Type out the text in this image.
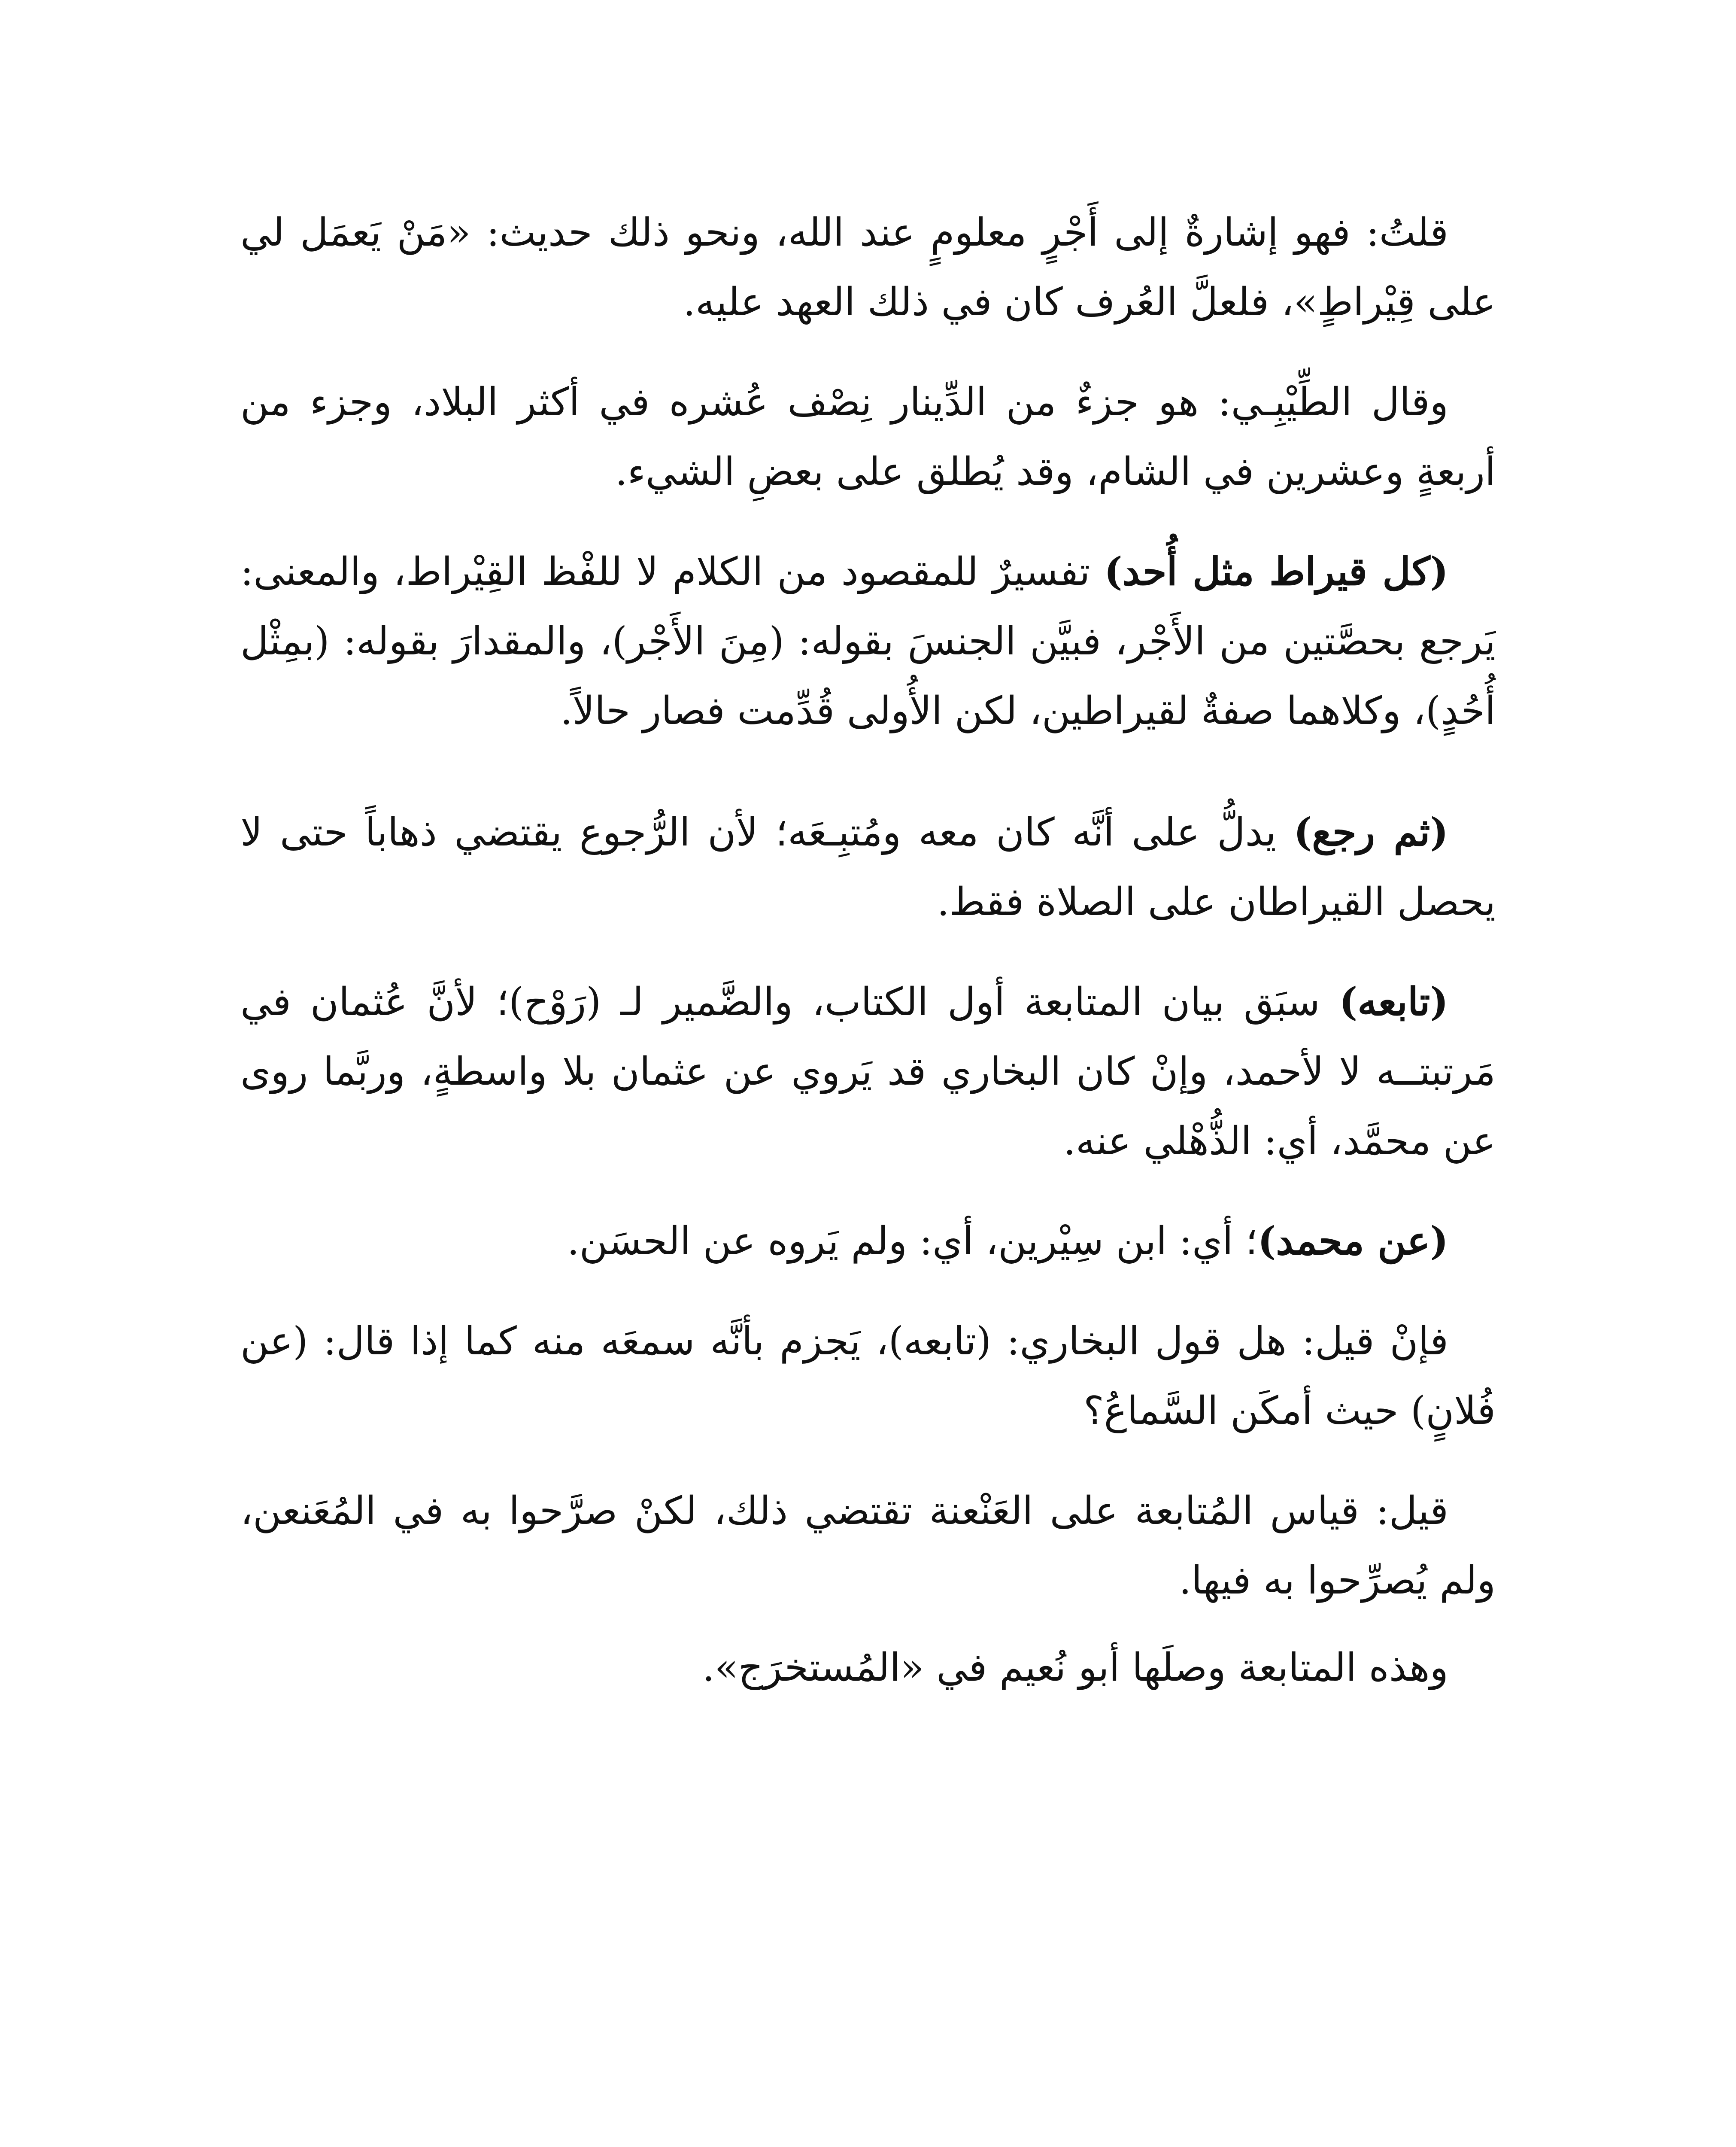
قلتُ: فهو إشارةٌ إلى أَجْرٍ معلومٍ عند الله، ونحو ذلك حديث: «مَنْ يَعمَل لي على قِيْراطٍ»، فلعلَّ العُرف كان في ذلك العهد عليه.

وقال الطِّيْبِـي: هو جزءٌ من الدِّينار نِصْف عُشره في أكثر البلاد، وجزء من أربعةٍ وعشرين في الشام، وقد يُطلق على بعضِ الشيء.

(كل قيراط مثل أُحد) تفسيرٌ للمقصود من الكلام لا للفْظ القِيْراط، والمعنى: يَرجع بحصَّتين من الأَجْر، فبيَّن الجنسَ بقوله: (مِنَ الأَجْر)، والمقدارَ بقوله: (بمِثْل أُحُدٍ)، وكلاهما صفةٌ لقيراطين، لكن الأُولى قُدِّمت فصار حالاً.

(ثم رجع) يدلُّ على أنَّه كان معه ومُتبِـعَه؛ لأن الرُّجوع يقتضي ذهاباً حتى لا يحصل القيراطان على الصلاة فقط.

(تابعه) سبَق بيان المتابعة أول الكتاب، والضَّمير لـ (رَوْح)؛ لأنَّ عُثمان في مَرتبتــه لا لأحمد، وإنْ كان البخاري قد يَروي عن عثمان بلا واسطةٍ، وربَّما روى عن محمَّد، أي: الذُّهْلي عنه.

(عن محمد)؛ أي: ابن سِيْرين، أي: ولم يَروه عن الحسَن.

فإنْ قيل: هل قول البخاري: (تابعه)، يَجزم بأنَّه سمعَه منه كما إذا قال: (عن فُلانٍ) حيث أمكَن السَّماعُ؟

قيل: قياس المُتابعة على العَنْعنة تقتضي ذلك، لكنْ صرَّحوا به في المُعَنعن، ولم يُصرِّحوا به فيها.

وهذه المتابعة وصلَها أبو نُعيم في «المُستخرَج».
